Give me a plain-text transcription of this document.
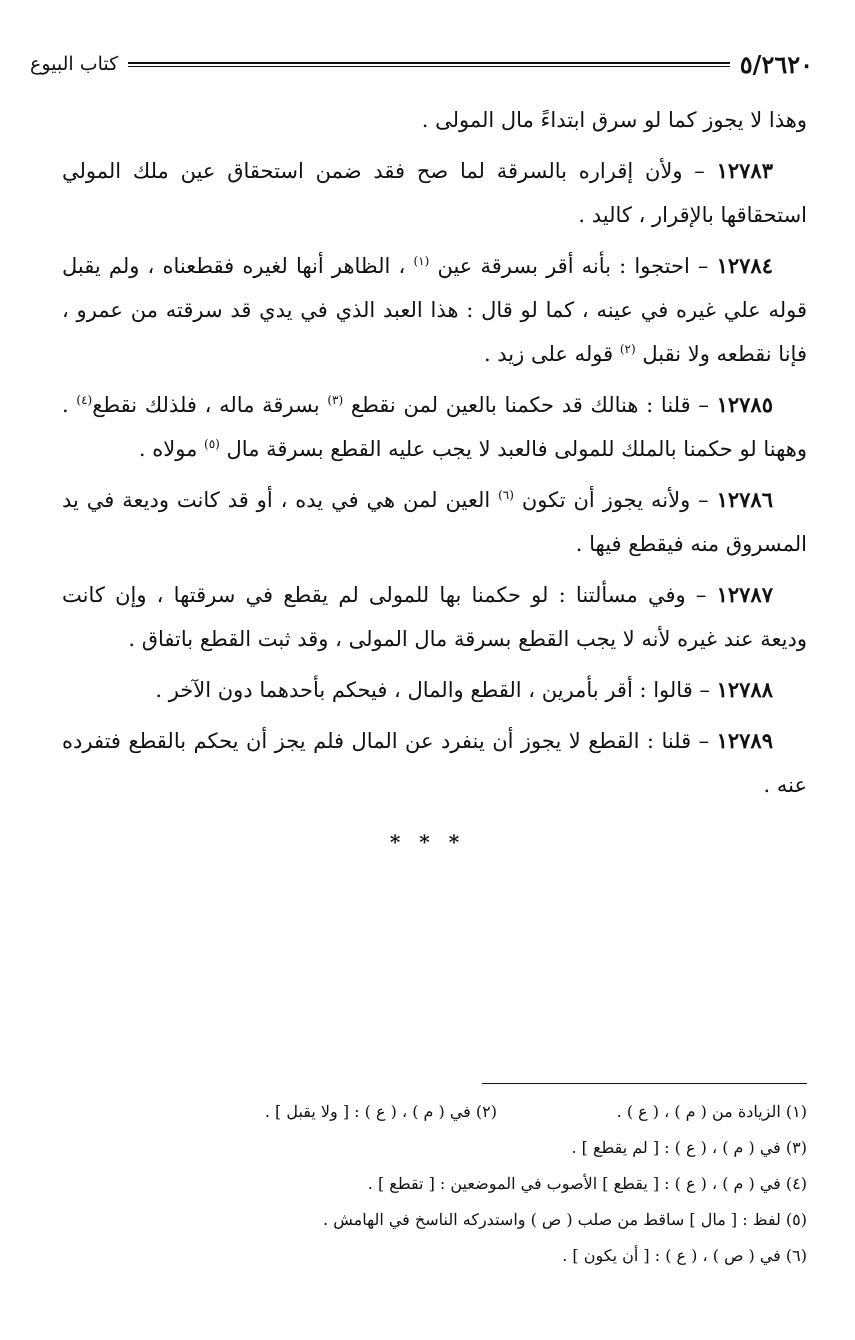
٥/٢٦٢٠
كتاب البيوع

وهذا لا يجوز كما لو سرق ابتداءً مال المولى .

١٢٧٨٣ – ولأن إقراره بالسرقة لما صح فقد ضمن استحقاق عين ملك المولي استحقاقها بالإقرار ، كاليد .

١٢٧٨٤ – احتجوا : بأنه أقر بسرقة عين $^{(١)}$ ، الظاهر أنها لغيره فقطعناه ، ولم يقبل قوله علي غيره في عينه ، كما لو قال : هذا العبد الذي في يدي قد سرقته من عمرو ، فإنا نقطعه ولا نقبل $^{(٢)}$ قوله على زيد .

١٢٧٨٥ – قلنا : هنالك قد حكمنا بالعين لمن نقطع $^{(٣)}$ بسرقة ماله ، فلذلك نقطع$^{(٤)}$ . وههنا لو حكمنا بالملك للمولى فالعبد لا يجب عليه القطع بسرقة مال $^{(٥)}$ مولاه .

١٢٧٨٦ – ولأنه يجوز أن تكون $^{(٦)}$ العين لمن هي في يده ، أو قد كانت وديعة في يد المسروق منه فيقطع فيها .

١٢٧٨٧ – وفي مسألتنا : لو حكمنا بها للمولى لم يقطع في سرقتها ، وإن كانت وديعة عند غيره لأنه لا يجب القطع بسرقة مال المولى ، وقد ثبت القطع باتفاق .

١٢٧٨٨ – قالوا : أقر بأمرين ، القطع والمال ، فيحكم بأحدهما دون الآخر .

١٢٧٨٩ – قلنا : القطع لا يجوز أن ينفرد عن المال فلم يجز أن يحكم بالقطع فتفرده عنه .

* * *
(١) الزيادة من ( م ) ، ( ع ) .
(٢) في ( م ) ، ( ع ) : [ ولا يقبل ] .
(٣) في ( م ) ، ( ع ) : [ لم يقطع ] .
(٤) في ( م ) ، ( ع ) : [ يقطع ] الأصوب في الموضعين : [ تقطع ] .
(٥) لفظ : [ مال ] ساقط من صلب ( ص ) واستدركه الناسخ في الهامش .
(٦) في ( ص ) ، ( ع ) : [ أن يكون ] .
